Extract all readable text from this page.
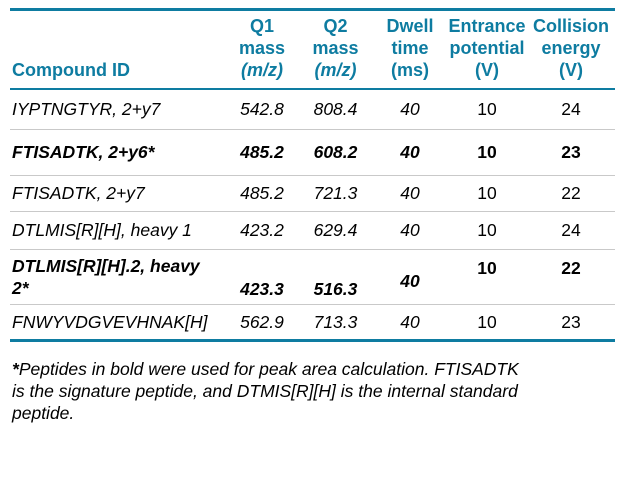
Compound ID	Q1
mass
(m/z)	Q2
mass
(m/z)	Dwell
time
(ms)	Entrance
potential
(V)	Collision
energy
(V)

IYPTNGTYR, 2+y7	542.8	808.4	40	10	24
FTISADTK, 2+y6*	485.2	608.2	40	10	23
FTISADTK, 2+y7	485.2	721.3	40	10	22
DTLMIS[R][H], heavy 1	423.2	629.4	40	10	24
DTLMIS[R][H].2, heavy 2*	423.3	516.3	40	10	22
FNWYVDGVEVHNAK[H]	562.9	713.3	40	10	23

*Peptides in bold were used for peak area calculation. FTISADTK is the signature peptide, and DTMIS[R][H] is the internal standard peptide.
